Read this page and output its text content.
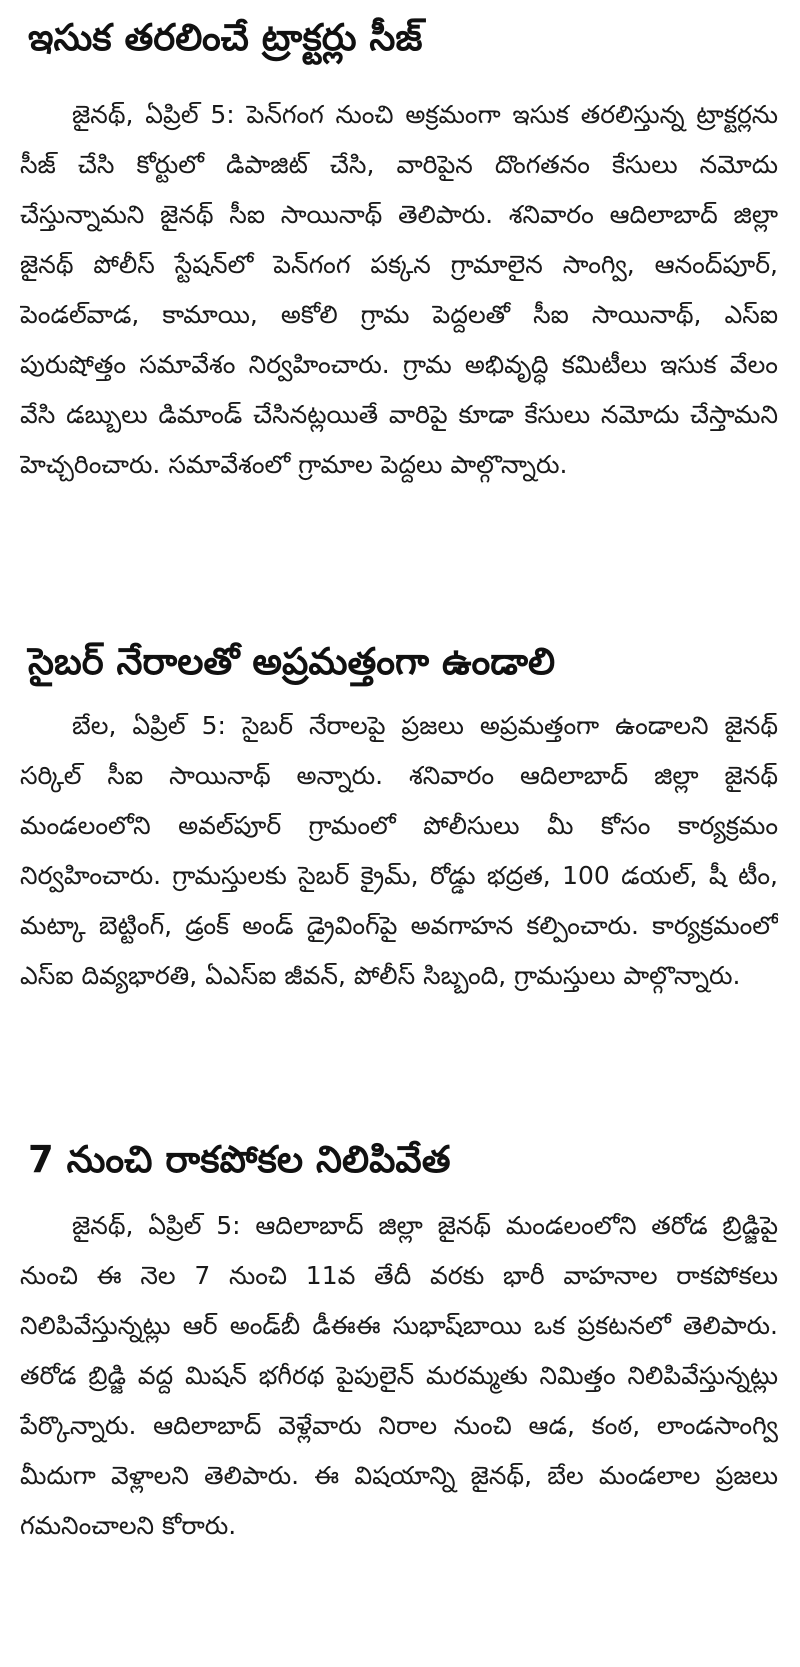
ఇసుక తరలించే ట్రాక్టర్లు సీజ్

జైనథ్, ఏప్రిల్ 5: పెన్‌గంగ నుంచి అక్రమంగా ఇసుక తరలిస్తున్న ట్రాక్టర్లను సీజ్ చేసి కోర్టులో డిపాజిట్ చేసి, వారిపైన దొంగతనం కేసులు నమోదు చేస్తున్నామని జైనథ్ సీఐ సాయినాథ్ తెలిపారు. శనివారం ఆదిలాబాద్ జిల్లా జైనథ్ పోలీస్ స్టేషన్‌లో పెన్‌గంగ పక్కన గ్రామాలైన సాంగ్వి, ఆనంద్‌పూర్, పెండల్‌వాడ, కామాయి, అకోలి గ్రామ పెద్దలతో సీఐ సాయినాథ్, ఎస్ఐ పురుషోత్తం సమావేశం నిర్వహించారు. గ్రామ అభివృద్ధి కమిటీలు ఇసుక వేలం వేసి డబ్బులు డిమాండ్ చేసినట్లయితే వారిపై కూడా కేసులు నమోదు చేస్తామని హెచ్చరించారు. సమావేశంలో గ్రామాల పెద్దలు పాల్గొన్నారు.

సైబర్ నేరాలతో అప్రమత్తంగా ఉండాలి

బేల, ఏప్రిల్ 5: సైబర్ నేరాలపై ప్రజలు అప్రమత్తంగా ఉండాలని జైనథ్ సర్కిల్ సీఐ సాయినాథ్ అన్నారు. శనివారం ఆదిలాబాద్ జిల్లా జైనథ్ మండలంలోని అవల్‌పూర్ గ్రామంలో పోలీసులు మీ కోసం కార్యక్రమం నిర్వహించారు. గ్రామస్తులకు సైబర్ క్రైమ్, రోడ్డు భద్రత, 100 డయల్, షీ టీం, మట్కా బెట్టింగ్, డ్రంక్ అండ్ డ్రైవింగ్‌పై అవగాహన కల్పించారు. కార్యక్రమంలో ఎస్ఐ దివ్యభారతి, ఏఎస్ఐ జీవన్, పోలీస్ సిబ్బంది, గ్రామస్తులు పాల్గొన్నారు.

7 నుంచి రాకపోకల నిలిపివేత

జైనథ్, ఏప్రిల్ 5: ఆదిలాబాద్ జిల్లా జైనథ్ మండలంలోని తరోడ బ్రిడ్జిపై నుంచి ఈ నెల 7 నుంచి 11వ తేదీ వరకు భారీ వాహనాల రాకపోకలు నిలిపివేస్తున్నట్లు ఆర్ అండ్‌బీ డీఈఈ సుభాష్‌బాయి ఒక ప్రకటనలో తెలిపారు. తరోడ బ్రిడ్జి వద్ద మిషన్ భగీరథ పైపులైన్ మరమ్మతు నిమిత్తం నిలిపివేస్తున్నట్లు పేర్కొన్నారు. ఆదిలాబాద్ వెళ్లేవారు నిరాల నుంచి ఆడ, కంఠ, లాండసాంగ్వి మీదుగా వెళ్లాలని తెలిపారు. ఈ విషయాన్ని జైనథ్, బేల మండలాల ప్రజలు గమనించాలని కోరారు.
